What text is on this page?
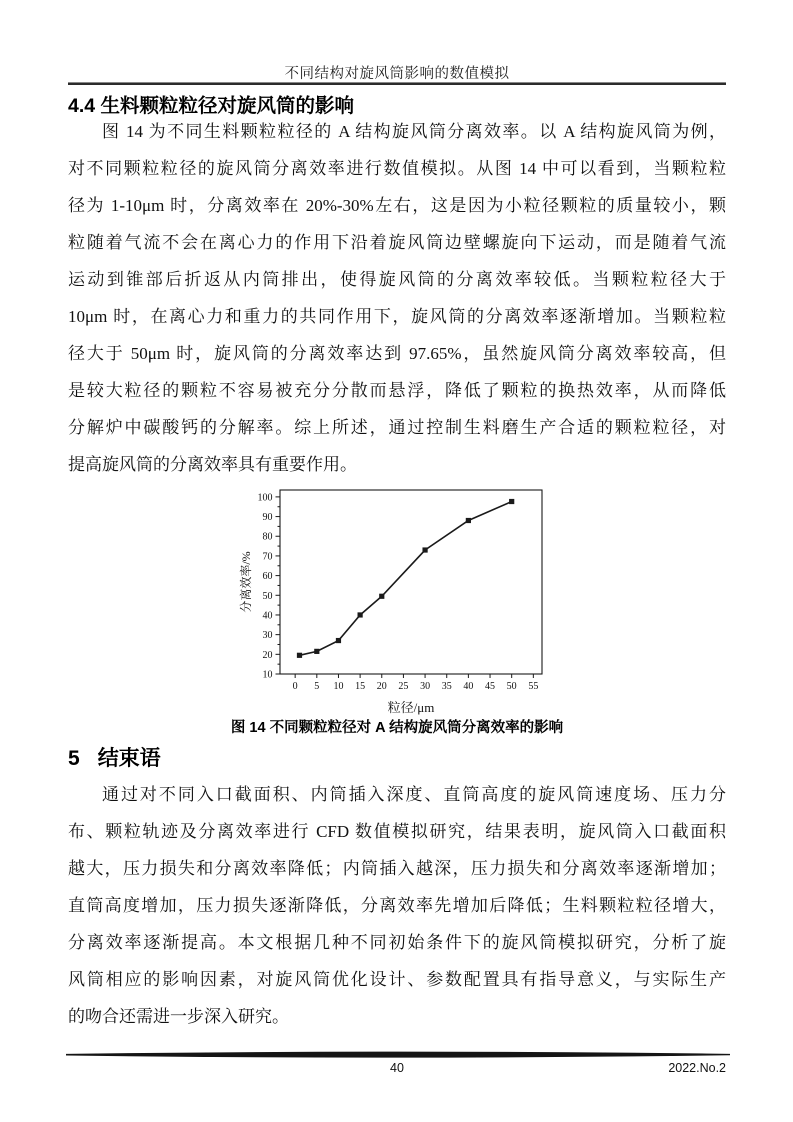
不同结构对旋风筒影响的数值模拟
4.4 生料颗粒粒径对旋风筒的影响
图 14 为不同生料颗粒粒径的 A 结构旋风筒分离效率。以 A 结构旋风筒为例，
对不同颗粒粒径的旋风筒分离效率进行数值模拟。从图 14 中可以看到，当颗粒粒
径为 1-10μm 时，分离效率在 20%-30%左右，这是因为小粒径颗粒的质量较小，颗
粒随着气流不会在离心力的作用下沿着旋风筒边壁螺旋向下运动，而是随着气流
运动到锥部后折返从内筒排出，使得旋风筒的分离效率较低。当颗粒粒径大于
10μm 时，在离心力和重力的共同作用下，旋风筒的分离效率逐渐增加。当颗粒粒
径大于 50μm 时，旋风筒的分离效率达到 97.65%，虽然旋风筒分离效率较高，但
是较大粒径的颗粒不容易被充分分散而悬浮，降低了颗粒的换热效率，从而降低
分解炉中碳酸钙的分解率。综上所述，通过控制生料磨生产合适的颗粒粒径，对
提高旋风筒的分离效率具有重要作用。
0 5 10 15 20 25 30 35 40 45 50 55
10
20
30
40
50
60
70
80
90
100
粒径/μm
分离效率/%
图 14 不同颗粒粒径对 A 结构旋风筒分离效率的影响
5 结束语
通过对不同入口截面积、内筒插入深度、直筒高度的旋风筒速度场、压力分
布、颗粒轨迹及分离效率进行 CFD 数值模拟研究，结果表明，旋风筒入口截面积
越大，压力损失和分离效率降低；内筒插入越深，压力损失和分离效率逐渐增加；
直筒高度增加，压力损失逐渐降低，分离效率先增加后降低；生料颗粒粒径增大，
分离效率逐渐提高。本文根据几种不同初始条件下的旋风筒模拟研究，分析了旋
风筒相应的影响因素，对旋风筒优化设计、参数配置具有指导意义，与实际生产
的吻合还需进一步深入研究。
40	2022.No.2
